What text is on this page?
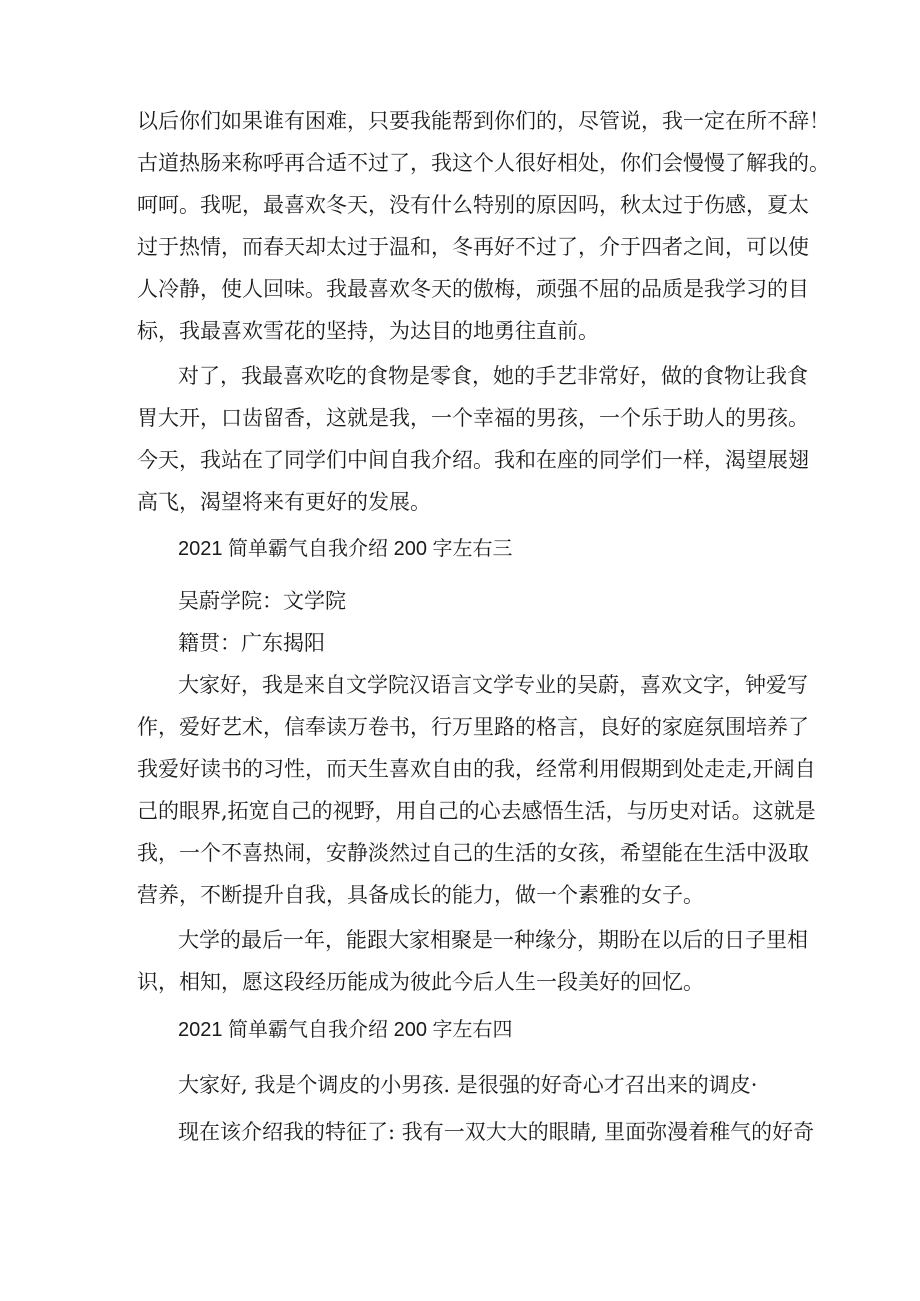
以后你们如果谁有困难，只要我能帮到你们的，尽管说，我一定在所不辞！
古道热肠来称呼再合适不过了，我这个人很好相处，你们会慢慢了解我的。
呵呵。我呢，最喜欢冬天，没有什么特别的原因吗，秋太过于伤感，夏太
过于热情，而春天却太过于温和，冬再好不过了，介于四者之间，可以使
人冷静，使人回味。我最喜欢冬天的傲梅，顽强不屈的品质是我学习的目
标，我最喜欢雪花的坚持，为达目的地勇往直前。
对了，我最喜欢吃的食物是零食，她的手艺非常好，做的食物让我食
胃大开，口齿留香，这就是我，一个幸福的男孩，一个乐于助人的男孩。
今天，我站在了同学们中间自我介绍。我和在座的同学们一样，渴望展翅
高飞，渴望将来有更好的发展。
2021 简单霸气自我介绍 200 字左右三
吴蔚学院：文学院
籍贯：广东揭阳
大家好，我是来自文学院汉语言文学专业的吴蔚，喜欢文字，钟爱写
作，爱好艺术，信奉读万卷书，行万里路的格言，良好的家庭氛围培养了
我爱好读书的习性，而天生喜欢自由的我，经常利用假期到处走走,开阔自
己的眼界,拓宽自己的视野，用自己的心去感悟生活，与历史对话。这就是
我，一个不喜热闹，安静淡然过自己的生活的女孩，希望能在生活中汲取
营养，不断提升自我，具备成长的能力，做一个素雅的女子。
大学的最后一年，能跟大家相聚是一种缘分，期盼在以后的日子里相
识，相知，愿这段经历能成为彼此今后人生一段美好的回忆。
2021 简单霸气自我介绍 200 字左右四
大家好, 我是个调皮的小男孩. 是很强的好奇心才召出来的调皮·
现在该介绍我的特征了: 我有一双大大的眼睛, 里面弥漫着稚气的好奇
